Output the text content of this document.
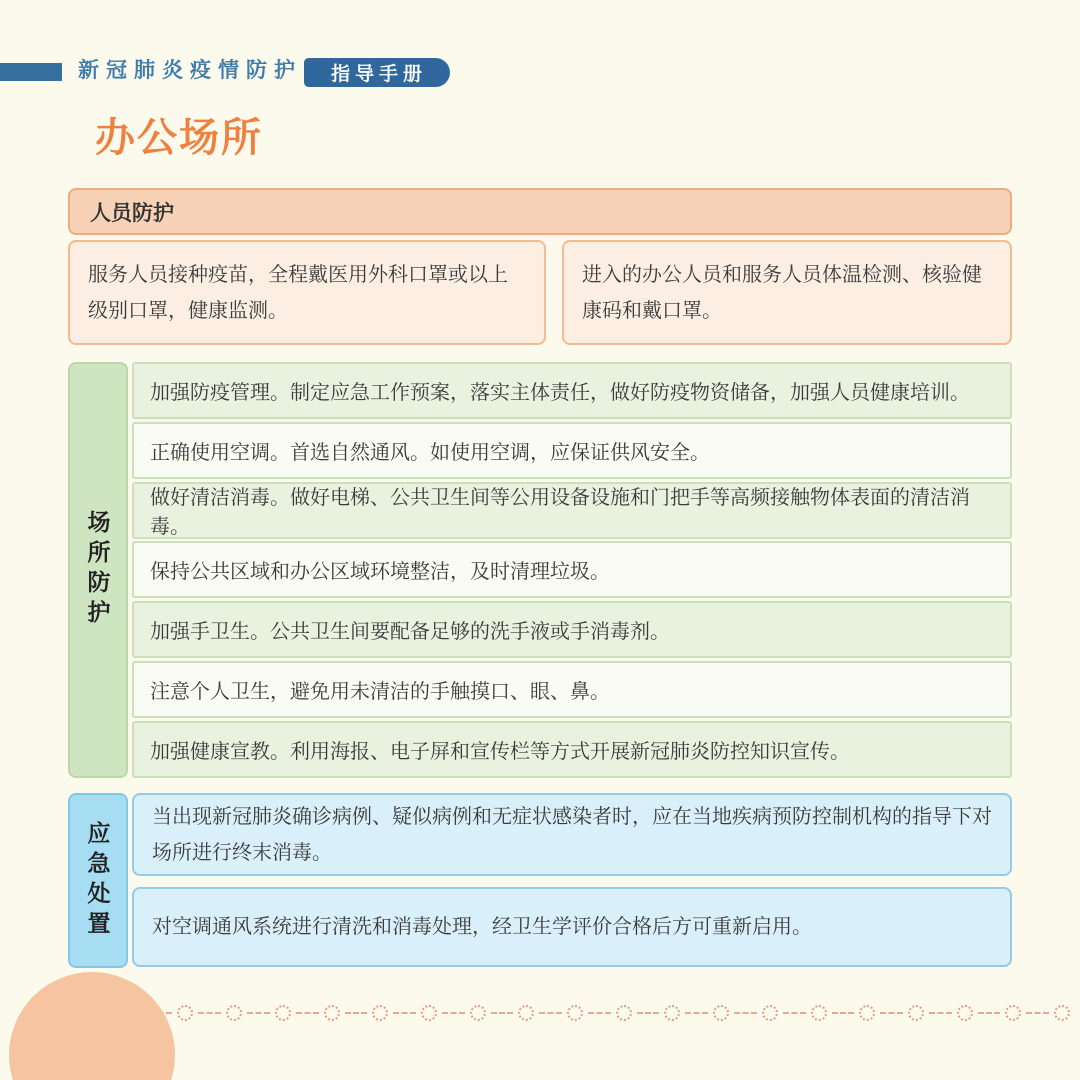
新冠肺炎疫情防护	指导手册
办公场所
人员防护
服务人员接种疫苗，全程戴医用外科口罩或以上级别口罩，健康监测。
进入的办公人员和服务人员体温检测、核验健康码和戴口罩。
场所防护
加强防疫管理。制定应急工作预案，落实主体责任，做好防疫物资储备，加强人员健康培训。
正确使用空调。首选自然通风。如使用空调，应保证供风安全。
做好清洁消毒。做好电梯、公共卫生间等公用设备设施和门把手等高频接触物体表面的清洁消毒。
保持公共区域和办公区域环境整洁，及时清理垃圾。
加强手卫生。公共卫生间要配备足够的洗手液或手消毒剂。
注意个人卫生，避免用未清洁的手触摸口、眼、鼻。
加强健康宣教。利用海报、电子屏和宣传栏等方式开展新冠肺炎防控知识宣传。
应急处置
当出现新冠肺炎确诊病例、疑似病例和无症状感染者时，应在当地疾病预防控制机构的指导下对场所进行终末消毒。
对空调通风系统进行清洗和消毒处理，经卫生学评价合格后方可重新启用。
